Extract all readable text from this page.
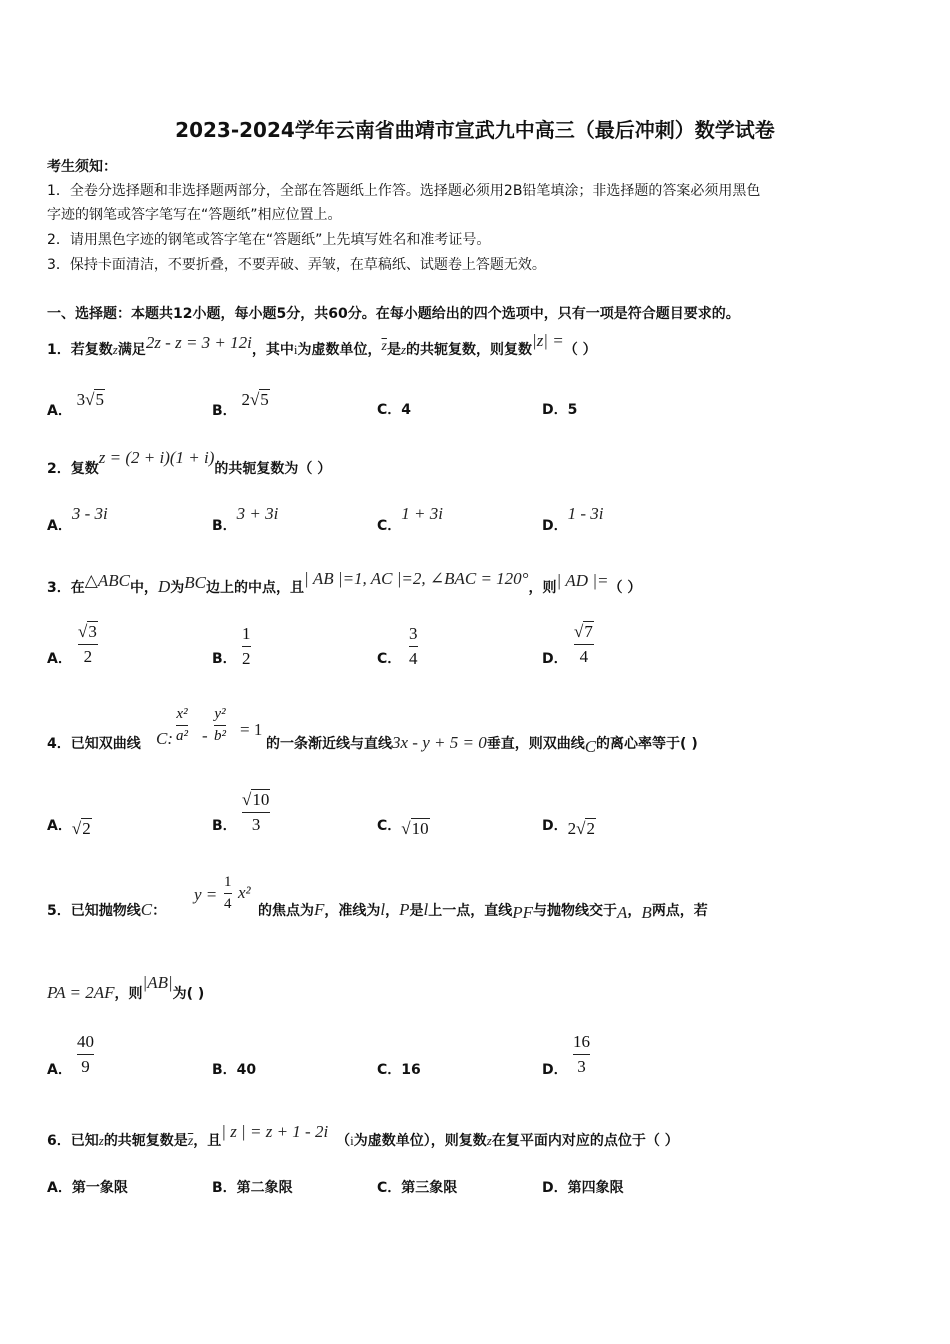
2023-2024学年云南省曲靖市宣武九中高三（最后冲刺）数学试卷
考生须知：
1．全卷分选择题和非选择题两部分，全部在答题纸上作答。选择题必须用2B铅笔填涂；非选择题的答案必须用黑色
字迹的钢笔或答字笔写在“答题纸”相应位置上。
2．请用黑色字迹的钢笔或答字笔在“答题纸”上先填写姓名和准考证号。
3．保持卡面清洁，不要折叠，不要弄破、弄皱，在草稿纸、试题卷上答题无效。
一、选择题：本题共12小题，每小题5分，共60分。在每小题给出的四个选项中，只有一项是符合题目要求的。
1．若复数z满足2z - z = 3 + 12i，其中i为虚数单位，$\overline{z}$是z的共轭复数，则复数|z| =（ ）
A． 3√5
B． 2√5
C．4	D．5
2．复数z = (2 + i)(1 + i)的共轭复数为（ ）
A．3 - 3i
B．3 + 3i
C．1 + 3i
D．1 - 3i
3．在△ABC中，D为BC边上的中点，且| AB |=1, AC |=2, ∠BAC = 120°，则| AD |=（ ）
A．
√3
2	B．
1
2	C．
3
4	D．
√7
4
4．已知双曲线 C:
x²
a² -
y²
b² = 1
的一条渐近线与直线3x - y + 5 = 0垂直，则双曲线C的离心率等于( )
A．√2	B．
√10
3	C．√10	D．2√2
5．已知抛物线C：
y =
1
4
x²
的焦点为F，准线为l，P是l上一点，直线PF与抛物线交于A，B两点，若
PA = 2AF，则|AB|为( )
A．
40
9	B．40	C．16	D．
16
3
6．已知z的共轭复数是$\overline{z}$，且| z | = z + 1 - 2i （i为虚数单位），则复数z在复平面内对应的点位于（ ）
A．第一象限	B．第二象限	C．第三象限	D．第四象限
